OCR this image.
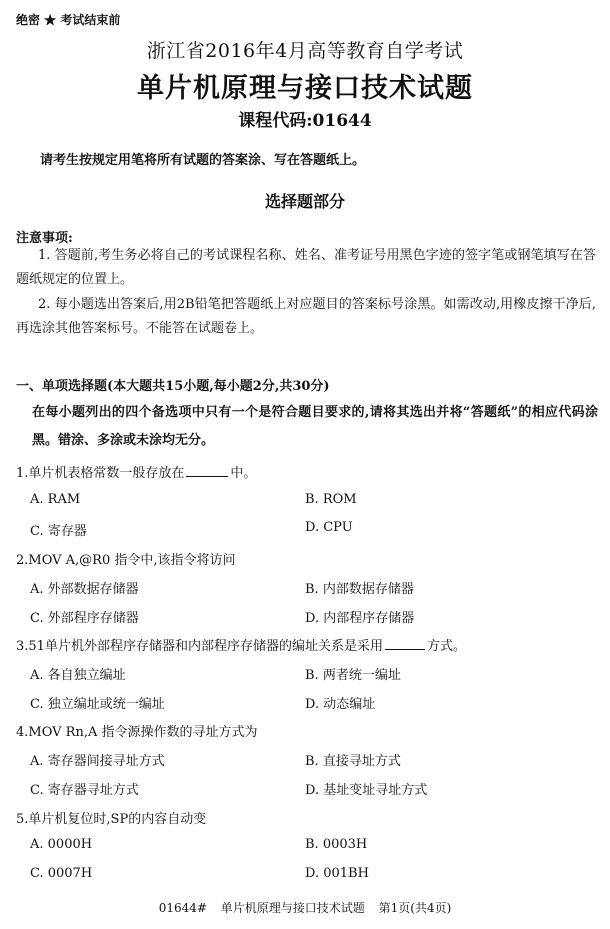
绝密 ★ 考试结束前
浙江省2016年4月高等教育自学考试
单片机原理与接口技术试题
课程代码:01644
请考生按规定用笔将所有试题的答案涂、写在答题纸上。
选择题部分
注意事项:
1. 答题前,考生务必将自己的考试课程名称、姓名、准考证号用黑色字迹的签字笔或钢笔填写在答题纸规定的位置上。
2. 每小题选出答案后,用2B铅笔把答题纸上对应题目的答案标号涂黑。如需改动,用橡皮擦干净后,再选涂其他答案标号。不能答在试题卷上。
一、单项选择题(本大题共15小题,每小题2分,共30分)
在每小题列出的四个备选项中只有一个是符合题目要求的,请将其选出并将“答题纸”的相应代码涂黑。错涂、多涂或未涂均无分。
1.单片机表格常数一般存放在	中。
A. RAM	B. ROM
C. 寄存器	D. CPU
2.MOV A,@R0 指令中,该指令将访问
A. 外部数据存储器	B. 内部数据存储器
C. 外部程序存储器	D. 内部程序存储器
3.51单片机外部程序存储器和内部程序存储器的编址关系是采用	方式。
A. 各自独立编址	B. 两者统一编址
C. 独立编址或统一编址	D. 动态编址
4.MOV Rn,A 指令源操作数的寻址方式为
A. 寄存器间接寻址方式	B. 直接寻址方式
C. 寄存器寻址方式	D. 基址变址寻址方式
5.单片机复位时,SP的内容自动变
A. 0000H	B. 0003H
C. 0007H	D. 001BH
01644# 单片机原理与接口技术试题 第1页(共4页)
